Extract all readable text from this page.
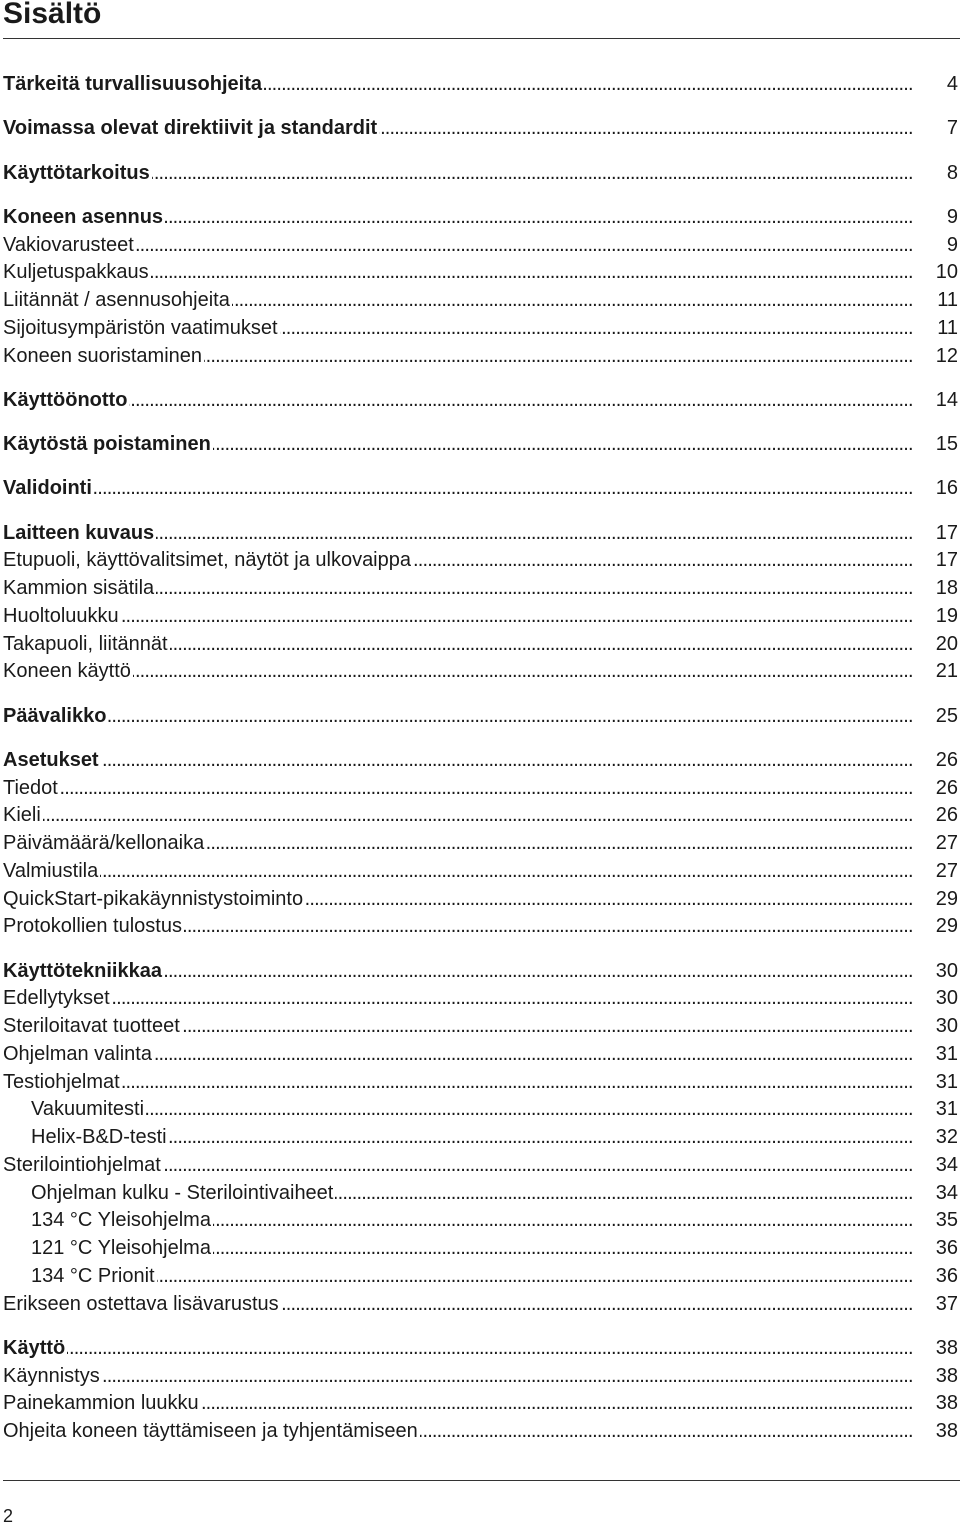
Sisältö
Tärkeitä turvallisuusohjeita	4
. . .
Voimassa olevat direktiivit ja standardit	7
. . .
Käyttötarkoitus	8
. . .
Koneen asennus	9
. . .
Vakiovarusteet	9
. . .
Kuljetuspakkaus	10
. . .
Liitännät / asennusohjeita	11
. . .
Sijoitusympäristön vaatimukset	11
. . .
Koneen suoristaminen	12
. . .
Käyttöönotto	14
. . .
Käytöstä poistaminen	15
. . .
Validointi	16
. . .
Laitteen kuvaus	17
. . .
Etupuoli, käyttövalitsimet, näytöt ja ulkovaippa	17
. . .
Kammion sisätila	18
. . .
Huoltoluukku	19
. . .
Takapuoli, liitännät	20
. . .
Koneen käyttö	21
. . .
Päävalikko	25
. . .
Asetukset	26
. . .
Tiedot	26
. . .
Kieli	26
. . .
Päivämäärä/kellonaika	27
. . .
Valmiustila	27
. . .
QuickStart-pikakäynnistystoiminto	29
. . .
Protokollien tulostus	29
. . .
Käyttötekniikkaa	30
. . .
Edellytykset	30
. . .
Steriloitavat tuotteet	30
. . .
Ohjelman valinta	31
. . .
Testiohjelmat	31
. . .
Vakuumitesti	31
. . .
Helix-B&D-testi	32
. . .
Sterilointiohjelmat	34
. . .
Ohjelman kulku - Sterilointivaiheet	34
. . .
134 °C Yleisohjelma	35
. . .
121 °C Yleisohjelma	36
. . .
134 °C Prionit	36
. . .
Erikseen ostettava lisävarustus	37
. . .
Käyttö	38
. . .
Käynnistys	38
. . .
Painekammion luukku	38
. . .
Ohjeita koneen täyttämiseen ja tyhjentämiseen	38
. . .
2
